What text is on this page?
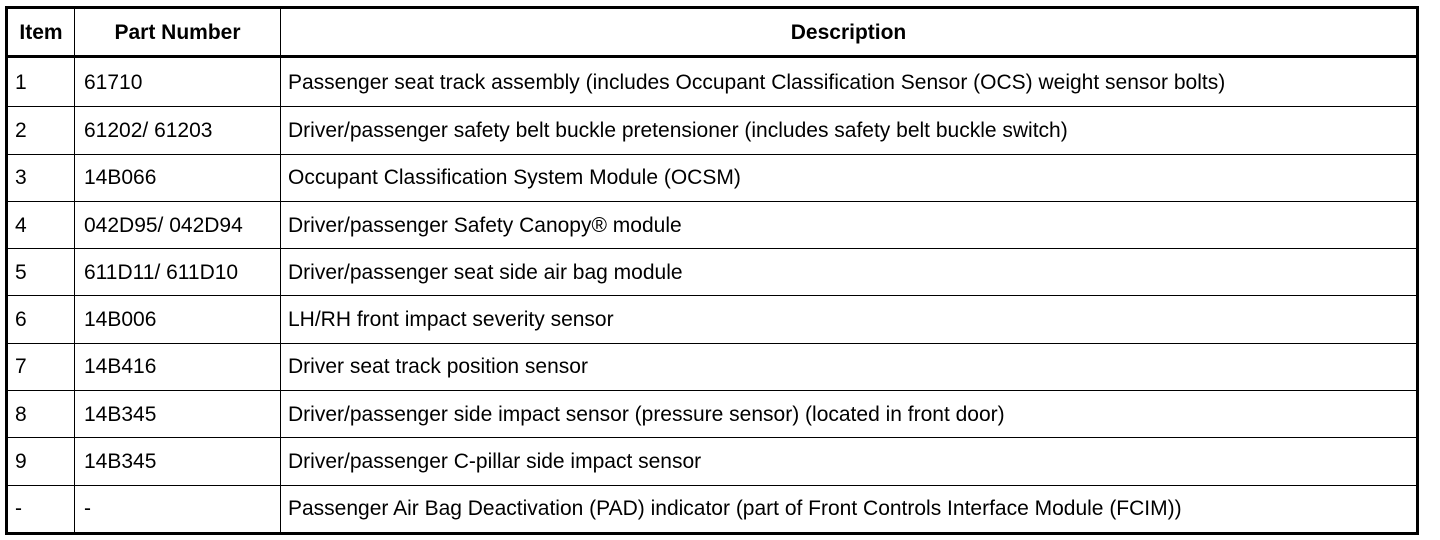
Item	Part Number	Description
1	61710	Passenger seat track assembly (includes Occupant Classification Sensor (OCS) weight sensor bolts)
2	61202/ 61203	Driver/passenger safety belt buckle pretensioner (includes safety belt buckle switch)
3	14B066	Occupant Classification System Module (OCSM)
4	042D95/ 042D94	Driver/passenger Safety Canopy® module
5	611D11/ 611D10	Driver/passenger seat side air bag module
6	14B006	LH/RH front impact severity sensor
7	14B416	Driver seat track position sensor
8	14B345	Driver/passenger side impact sensor (pressure sensor) (located in front door)
9	14B345	Driver/passenger C-pillar side impact sensor
-	-	Passenger Air Bag Deactivation (PAD) indicator (part of Front Controls Interface Module (FCIM))
